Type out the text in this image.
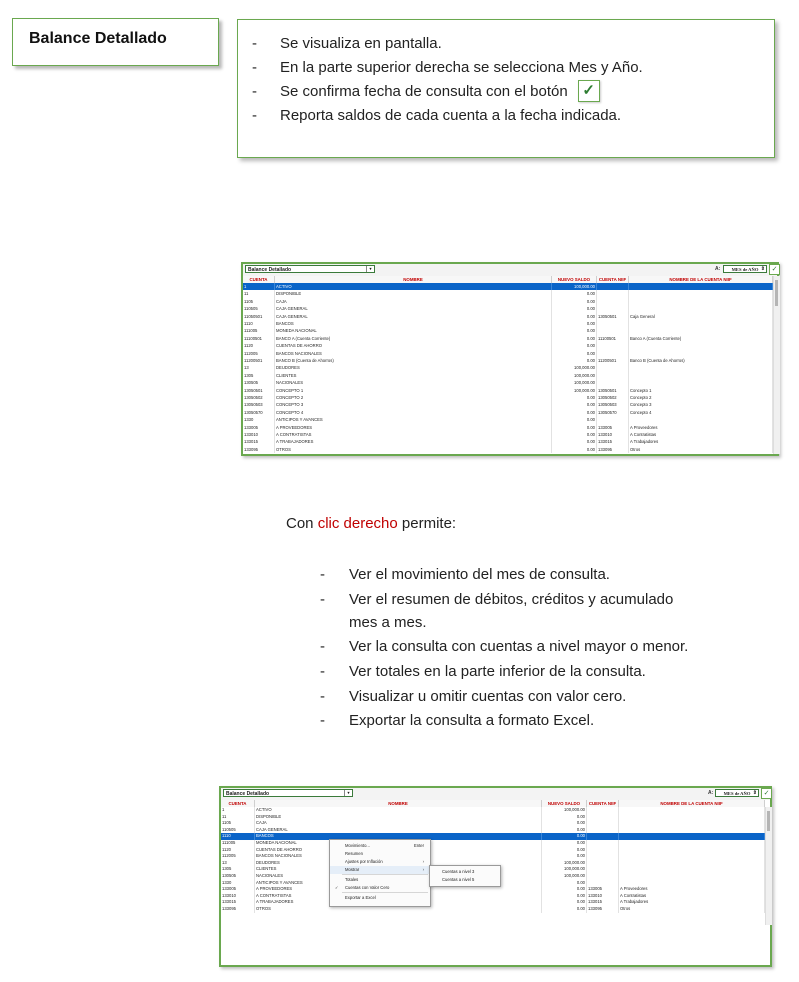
Balance Detallado
-	Se visualiza en pantalla.
- En la parte superior derecha se selecciona Mes y Año.
- Se confirma fecha de consulta con el botón ✓
- Reporta saldos de cada cuenta a la fecha indicada.
Balance Detallado	▾	A:	MES de AÑO ⇕ ✓
CUENTA	NOMBRE	NUEVO SALDO	CUENTA NIIF	NOMBRE DE LA CUENTA NIIF
1	ACTIVO	100,000.00
11	DISPONIBLE	0.00
1105	CAJA	0.00
110505	CAJA GENERAL	0.00
11050501	CAJA GENERAL	0.00 13050501	Caja General
1110	BANCOS	0.00
111005	MONEDA NACIONAL	0.00
11100501	BANCO A (Cuenta Corriente)	0.00 11100501	Banco A (Cuenta Corriente)
1120	CUENTAS DE AHORRO	0.00
112005	BANCOS NACIONALES	0.00
11200501	BANCO B (Cuenta de Ahorros)	0.00 11200501	Banco B (Cuenta de Ahorros)
13	DEUDORES	100,000.00
1305	CLIENTES	100,000.00
130505	NACIONALES	100,000.00
13050501	CONCEPTO 1	100,000.00 13050501	Concepto 1
13050502	CONCEPTO 2	0.00 13050502	Concepto 2
13050503	CONCEPTO 3	0.00 13050503	Concepto 3
13050570	CONCEPTO 4	0.00 13050570	Concepto 4
1330	ANTICIPOS Y AVANCES	0.00
133005	A PROVEEDORES	0.00 133005	A Proveedores
133010	A CONTRATISTAS	0.00 133010	A Contratistas
133015	A TRABAJADORES	0.00 133015	A Trabajadores
133095	OTROS	0.00 133095	Otros
Con clic derecho permite:
- Ver el movimiento del mes de consulta.
- Ver el resumen de débitos, créditos y acumulado
mes a mes.
- Ver la consulta con cuentas a nivel mayor o menor.
- Ver totales en la parte inferior de la consulta.
- Visualizar u omitir cuentas con valor cero.
- Exportar la consulta a formato Excel.
Balance Detallado	▾	A:	MES de AÑO ⇕ ✓
CUENTA	NOMBRE	NUEVO SALDO	CUENTA NIIF	NOMBRE DE LA CUENTA NIIF
1	ACTIVO	100,000.00
11	DISPONIBLE	0.00
1105	CAJA	0.00
110505	CAJA GENERAL	0.00
1110	BANCOS	0.00
111005	MONEDA NACIONAL	0.00
1120	CUENTAS DE AHORRO	0.00
112005	BANCOS NACIONALES	0.00
13	DEUDORES	100,000.00
1305	CLIENTES	100,000.00
130505	NACIONALES	100,000.00
1330	ANTICIPOS Y AVANCES	0.00
133005	A PROVEEDORES	0.00 133005	A Proveedores
133010	A CONTRATISTAS	0.00 133010	A Contratistas
133015	A TRABAJADORES	0.00 133015	A Trabajadores
133095	OTROS	0.00 133095	Otros
Movimiento...	Enter
Resumen
Ajustes por Inflación	›
Mostrar	›
Totales
✓ Cuentas con Valor Cero
Exportar a Excel
Cuentas a nivel 3
Cuentas a nivel 5
